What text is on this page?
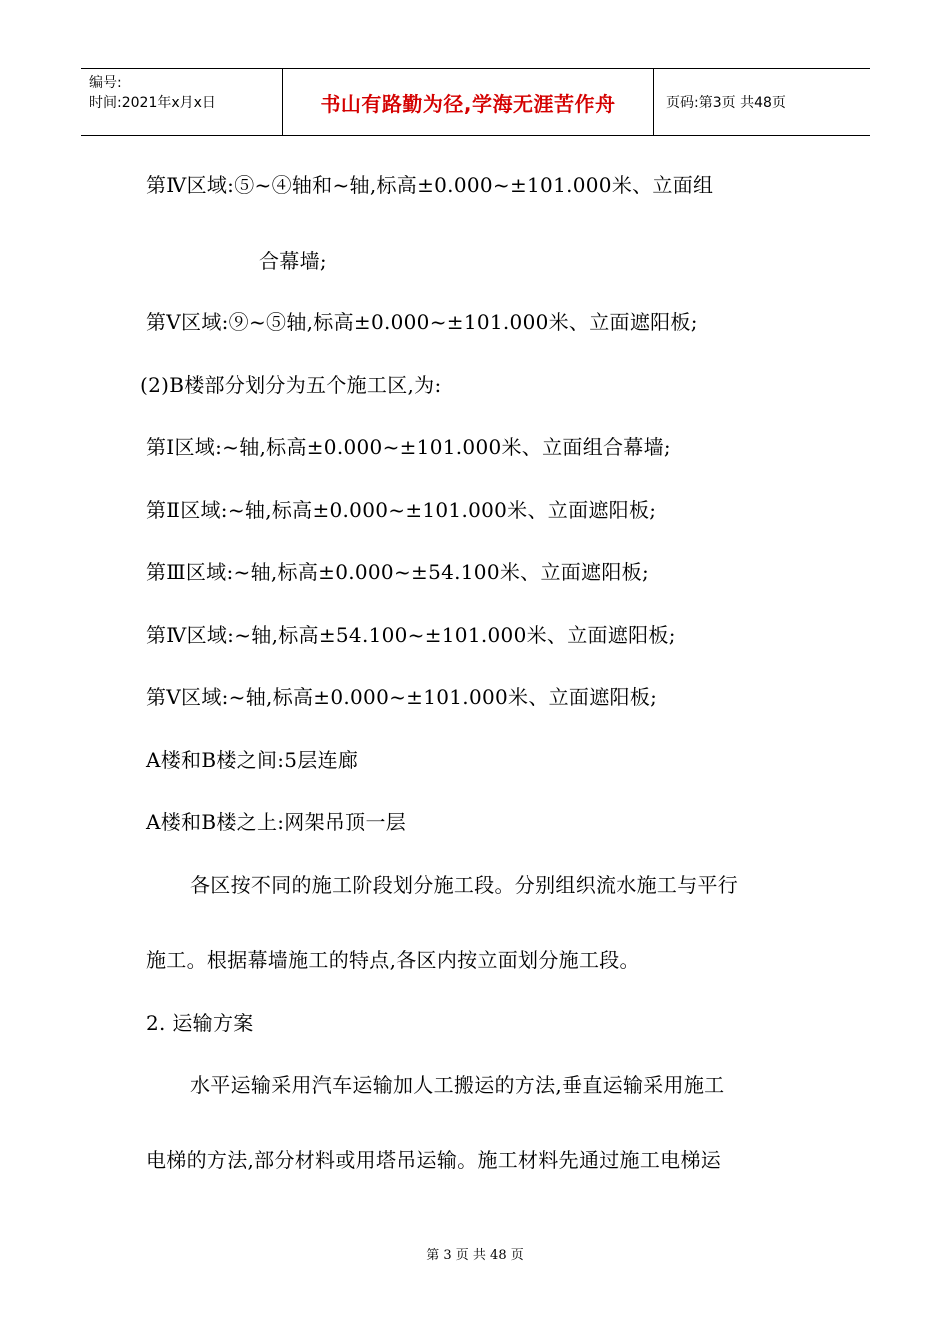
编号:
时间:2021年x月x日	书山有路勤为径,学海无涯苦作舟	页码:第3页 共48页
第Ⅳ区域:⑤~④轴和~轴,标高±0.000~±101.000米、立面组
合幕墙;
第Ⅴ区域:⑨~⑤轴,标高±0.000~±101.000米、立面遮阳板;
(2)B楼部分划分为五个施工区,为:
第Ⅰ区域:~轴,标高±0.000~±101.000米、立面组合幕墙;
第Ⅱ区域:~轴,标高±0.000~±101.000米、立面遮阳板;
第Ⅲ区域:~轴,标高±0.000~±54.100米、立面遮阳板;
第Ⅳ区域:~轴,标高±54.100~±101.000米、立面遮阳板;
第Ⅴ区域:~轴,标高±0.000~±101.000米、立面遮阳板;
A楼和B楼之间:5层连廊
A楼和B楼之上:网架吊顶一层
各区按不同的施工阶段划分施工段。分别组织流水施工与平行
施工。根据幕墙施工的特点,各区内按立面划分施工段。
2. 运输方案
水平运输采用汽车运输加人工搬运的方法,垂直运输采用施工
电梯的方法,部分材料或用塔吊运输。施工材料先通过施工电梯运
第 3 页 共 48 页
